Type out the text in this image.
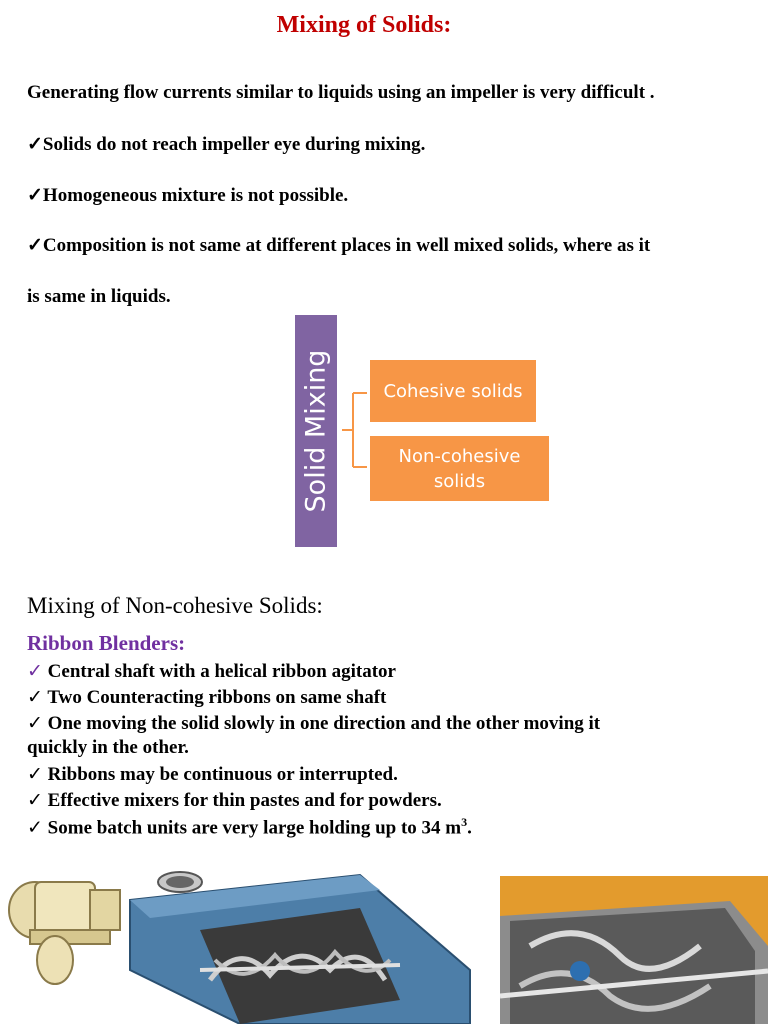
Mixing of Solids:
Generating flow currents similar to liquids using an impeller is very difficult .
✓Solids do not reach impeller eye during mixing.
✓Homogeneous mixture is not possible.
✓Composition is not same at different places in well mixed solids, where as it
is same in liquids.
Solid Mixing	Cohesive solids
Non-cohesive solids
Mixing of Non-cohesive Solids:
Ribbon Blenders:
✓ Central shaft with a helical ribbon agitator
✓ Two Counteracting ribbons on same shaft
✓ One moving the solid slowly in one direction and the other moving it
quickly in the other.
✓ Ribbons may be continuous or interrupted.
✓ Effective mixers for thin pastes and for powders.
✓ Some batch units are very large holding up to 34 $m^3$.
